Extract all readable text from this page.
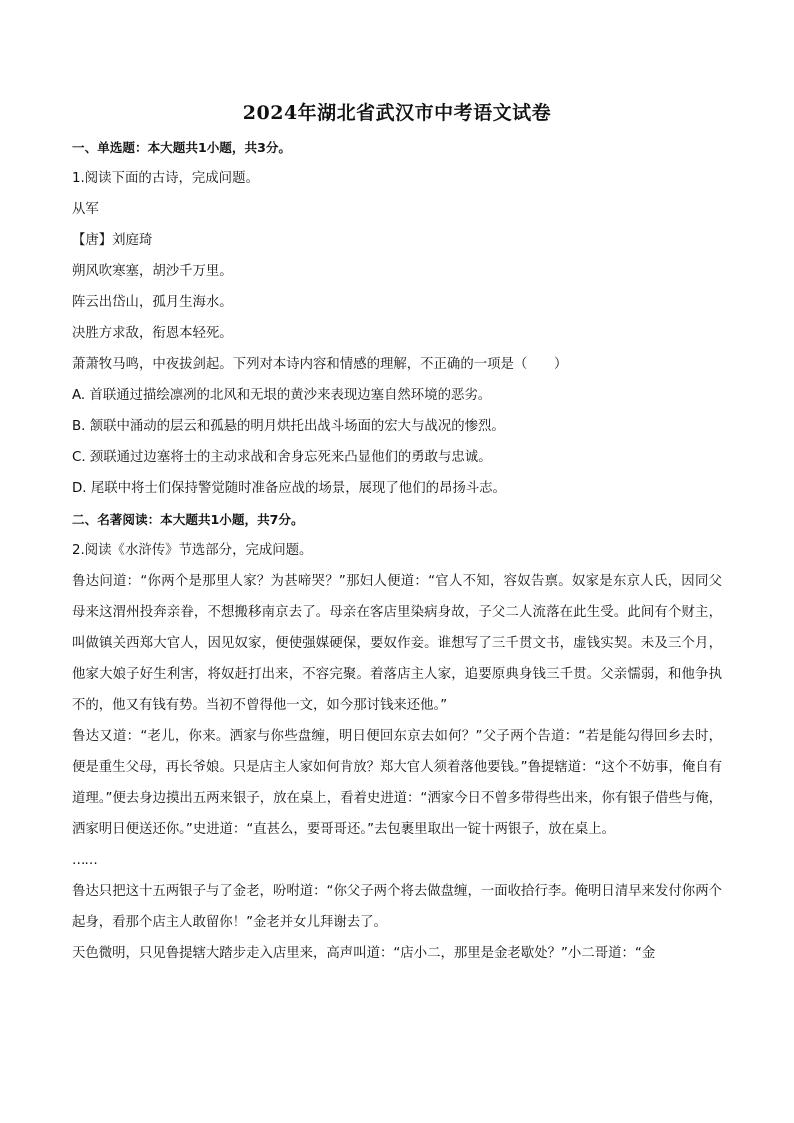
2024年湖北省武汉市中考语文试卷

一、单选题：本大题共1小题，共3分。

1.阅读下面的古诗，完成问题。

从军

【唐】刘庭琦

朔风吹寒塞，胡沙千万里。

阵云出岱山，孤月生海水。

决胜方求敌，衔恩本轻死。

萧萧牧马鸣，中夜拔剑起。下列对本诗内容和情感的理解，不正确的一项是（　　）

A. 首联通过描绘凛冽的北风和无垠的黄沙来表现边塞自然环境的恶劣。

B. 颔联中涌动的层云和孤悬的明月烘托出战斗场面的宏大与战况的惨烈。

C. 颈联通过边塞将士的主动求战和舍身忘死来凸显他们的勇敢与忠诚。

D. 尾联中将士们保持警觉随时准备应战的场景，展现了他们的昂扬斗志。

二、名著阅读：本大题共1小题，共7分。

2.阅读《水浒传》节选部分，完成问题。

鲁达问道：“你两个是那里人家？为甚啼哭？”那妇人便道：“官人不知，容奴告禀。奴家是东京人氏，因同父母来这渭州投奔亲眷，不想搬移南京去了。母亲在客店里染病身故，子父二人流落在此生受。此间有个财主，叫做镇关西郑大官人，因见奴家，便使强媒硬保，要奴作妾。谁想写了三千贯文书，虚钱实契。未及三个月，他家大娘子好生利害，将奴赶打出来，不容完聚。着落店主人家，追要原典身钱三千贯。父亲懦弱，和他争执不的，他又有钱有势。当初不曾得他一文，如今那讨钱来还他。”

鲁达又道：“老儿，你来。洒家与你些盘缠，明日便回东京去如何？”父子两个告道：“若是能勾得回乡去时，便是重生父母，再长爷娘。只是店主人家如何肯放？郑大官人须着落他要钱。”鲁提辖道：“这个不妨事，俺自有道理。”便去身边摸出五两来银子，放在桌上，看着史进道：“洒家今日不曾多带得些出来，你有银子借些与俺，洒家明日便送还你。”史进道：“直甚么，要哥哥还。”去包裹里取出一锭十两银子，放在桌上。

……

鲁达只把这十五两银子与了金老，吩咐道：“你父子两个将去做盘缠，一面收拾行李。俺明日清早来发付你两个起身，看那个店主人敢留你！”金老并女儿拜谢去了。

天色微明，只见鲁提辖大踏步走入店里来，高声叫道：“店小二，那里是金老歇处？”小二哥道：“金
